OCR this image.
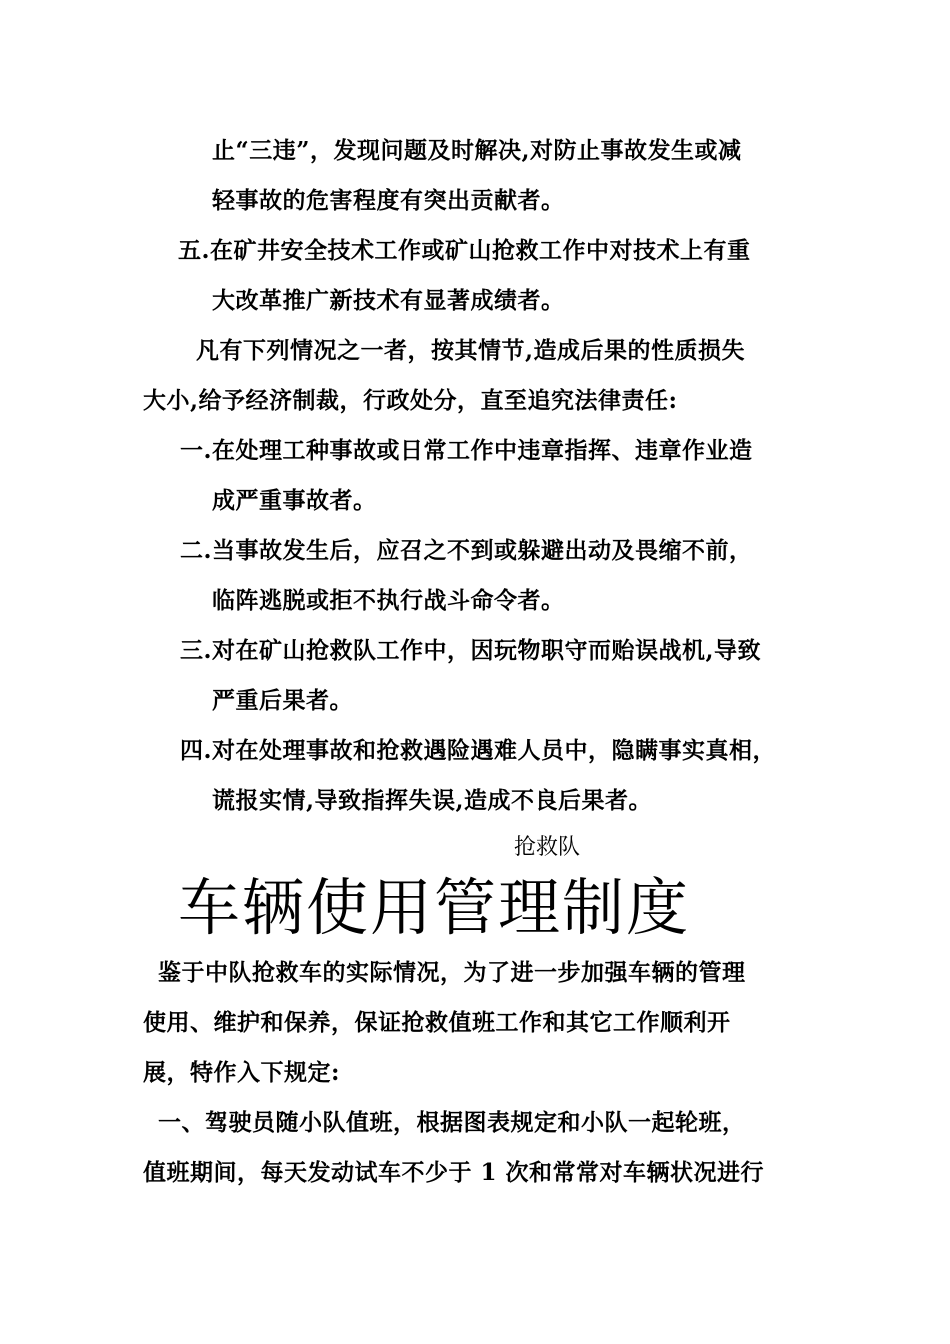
止“三违”，发现问题及时解决,对防止事故发生或减
轻事故的危害程度有突出贡献者。
五.在矿井安全技术工作或矿山抢救工作中对技术上有重
大改革推广新技术有显著成绩者。
凡有下列情况之一者，按其情节,造成后果的性质损失
大小,给予经济制裁，行政处分，直至追究法律责任:
一.在处理工种事故或日常工作中违章指挥、违章作业造
成严重事故者。
二.当事故发生后，应召之不到或躲避出动及畏缩不前，
临阵逃脱或拒不执行战斗命令者。
三.对在矿山抢救队工作中，因玩物职守而贻误战机,导致
严重后果者。
四.对在处理事故和抢救遇险遇难人员中，隐瞒事实真相，
谎报实情,导致指挥失误,造成不良后果者。
抢救队
车辆使用管理制度
鉴于中队抢救车的实际情况，为了进一步加强车辆的管理
使用、维护和保养，保证抢救值班工作和其它工作顺利开
展，特作入下规定:
一、驾驶员随小队值班，根据图表规定和小队一起轮班，
值班期间，每天发动试车不少于 1 次和常常对车辆状况进行
